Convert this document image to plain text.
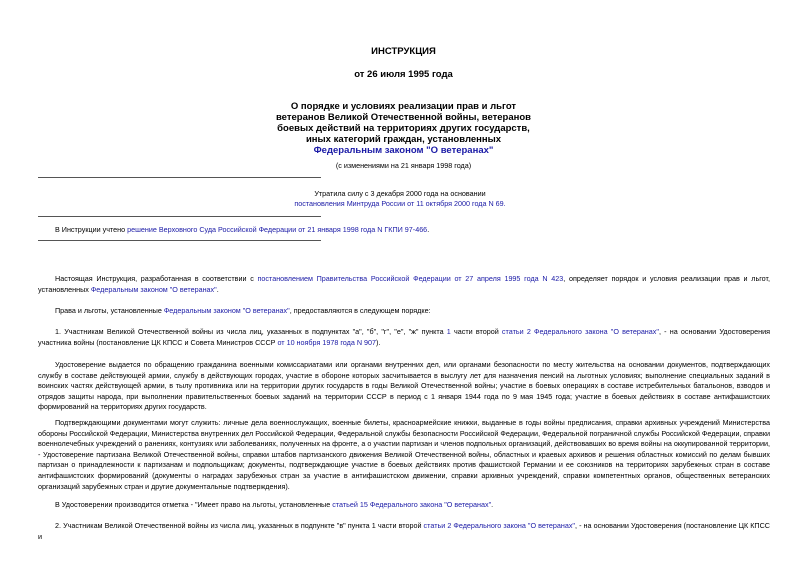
ИНСТРУКЦИЯ
от 26 июля 1995 года
О порядке и условиях реализации прав и льгот
ветеранов Великой Отечественной войны, ветеранов
боевых действий на территориях других государств,
иных категорий граждан, установленных
Федеральным законом "О ветеранах"
(с изменениями на 21 января 1998 года)
Утратила силу с 3 декабря 2000 года на основании
постановления Минтруда России от 11 октября 2000 года N 69.
В Инструкции учтено решение Верховного Суда Российской Федерации от 21 января 1998 года N ГКПИ 97-466.
Настоящая Инструкция, разработанная в соответствии с постановлением Правительства Российской Федерации от 27 апреля 1995 года N 423, определяет порядок и условия реализации прав и льгот, установленных Федеральным законом "О ветеранах".
Права и льготы, установленные Федеральным законом "О ветеранах", предоставляются в следующем порядке:
1. Участникам Великой Отечественной войны из числа лиц, указанных в подпунктах "а", "б", "г", "е", "ж" пункта 1 части второй статьи 2 Федерального закона "О ветеранах", - на основании Удостоверения участника войны (постановление ЦК КПСС и Совета Министров СССР от 10 ноября 1978 года N 907).
Удостоверение выдается по обращению гражданина военными комиссариатами или органами внутренних дел, или органами безопасности по месту жительства на основании документов, подтверждающих службу в составе действующей армии, службу в действующих городах, участие в обороне которых засчитывается в выслугу лет для назначения пенсий на льготных условиях; выполнение специальных заданий в воинских частях действующей армии, в тылу противника или на территории других государств в годы Великой Отечественной войны; участие в боевых операциях в составе истребительных батальонов, взводов и отрядов защиты народа, при выполнении правительственных боевых заданий на территории СССР в период с 1 января 1944 года по 9 мая 1945 года; участие в боевых действиях в составе антифашистских формирований на территориях других государств.
Подтверждающими документами могут служить: личные дела военнослужащих, военные билеты, красноармейские книжки, выданные в годы войны предписания, справки архивных учреждений Министерства обороны Российской Федерации, Министерства внутренних дел Российской Федерации, Федеральной службы безопасности Российской Федерации, Федеральной пограничной службы Российской Федерации, справки военнолечебных учреждений о ранениях, контузиях или заболеваниях, полученных на фронте, а о участии партизан и членов подпольных организаций, действовавших во время войны на оккупированной территории, - Удостоверение партизана Великой Отечественной войны, справки штабов партизанского движения Великой Отечественной войны, областных и краевых архивов и решения областных комиссий по делам бывших партизан о принадлежности к партизанам и подпольщикам; документы, подтверждающие участие в боевых действиях против фашистской Германии и ее союзников на территориях зарубежных стран в составе антифашистских формирований (документы о наградах зарубежных стран за участие в антифашистском движении, справки архивных учреждений, справки компетентных органов, общественных ветеранских организаций зарубежных стран и другие документальные подтверждения).
В Удостоверении производится отметка - "Имеет право на льготы, установленные статьей 15 Федерального закона "О ветеранах".
2. Участникам Великой Отечественной войны из числа лиц, указанных в подпункте "в" пункта 1 части второй статьи 2 Федерального закона "О ветеранах", - на основании Удостоверения (постановление ЦК КПСС и
